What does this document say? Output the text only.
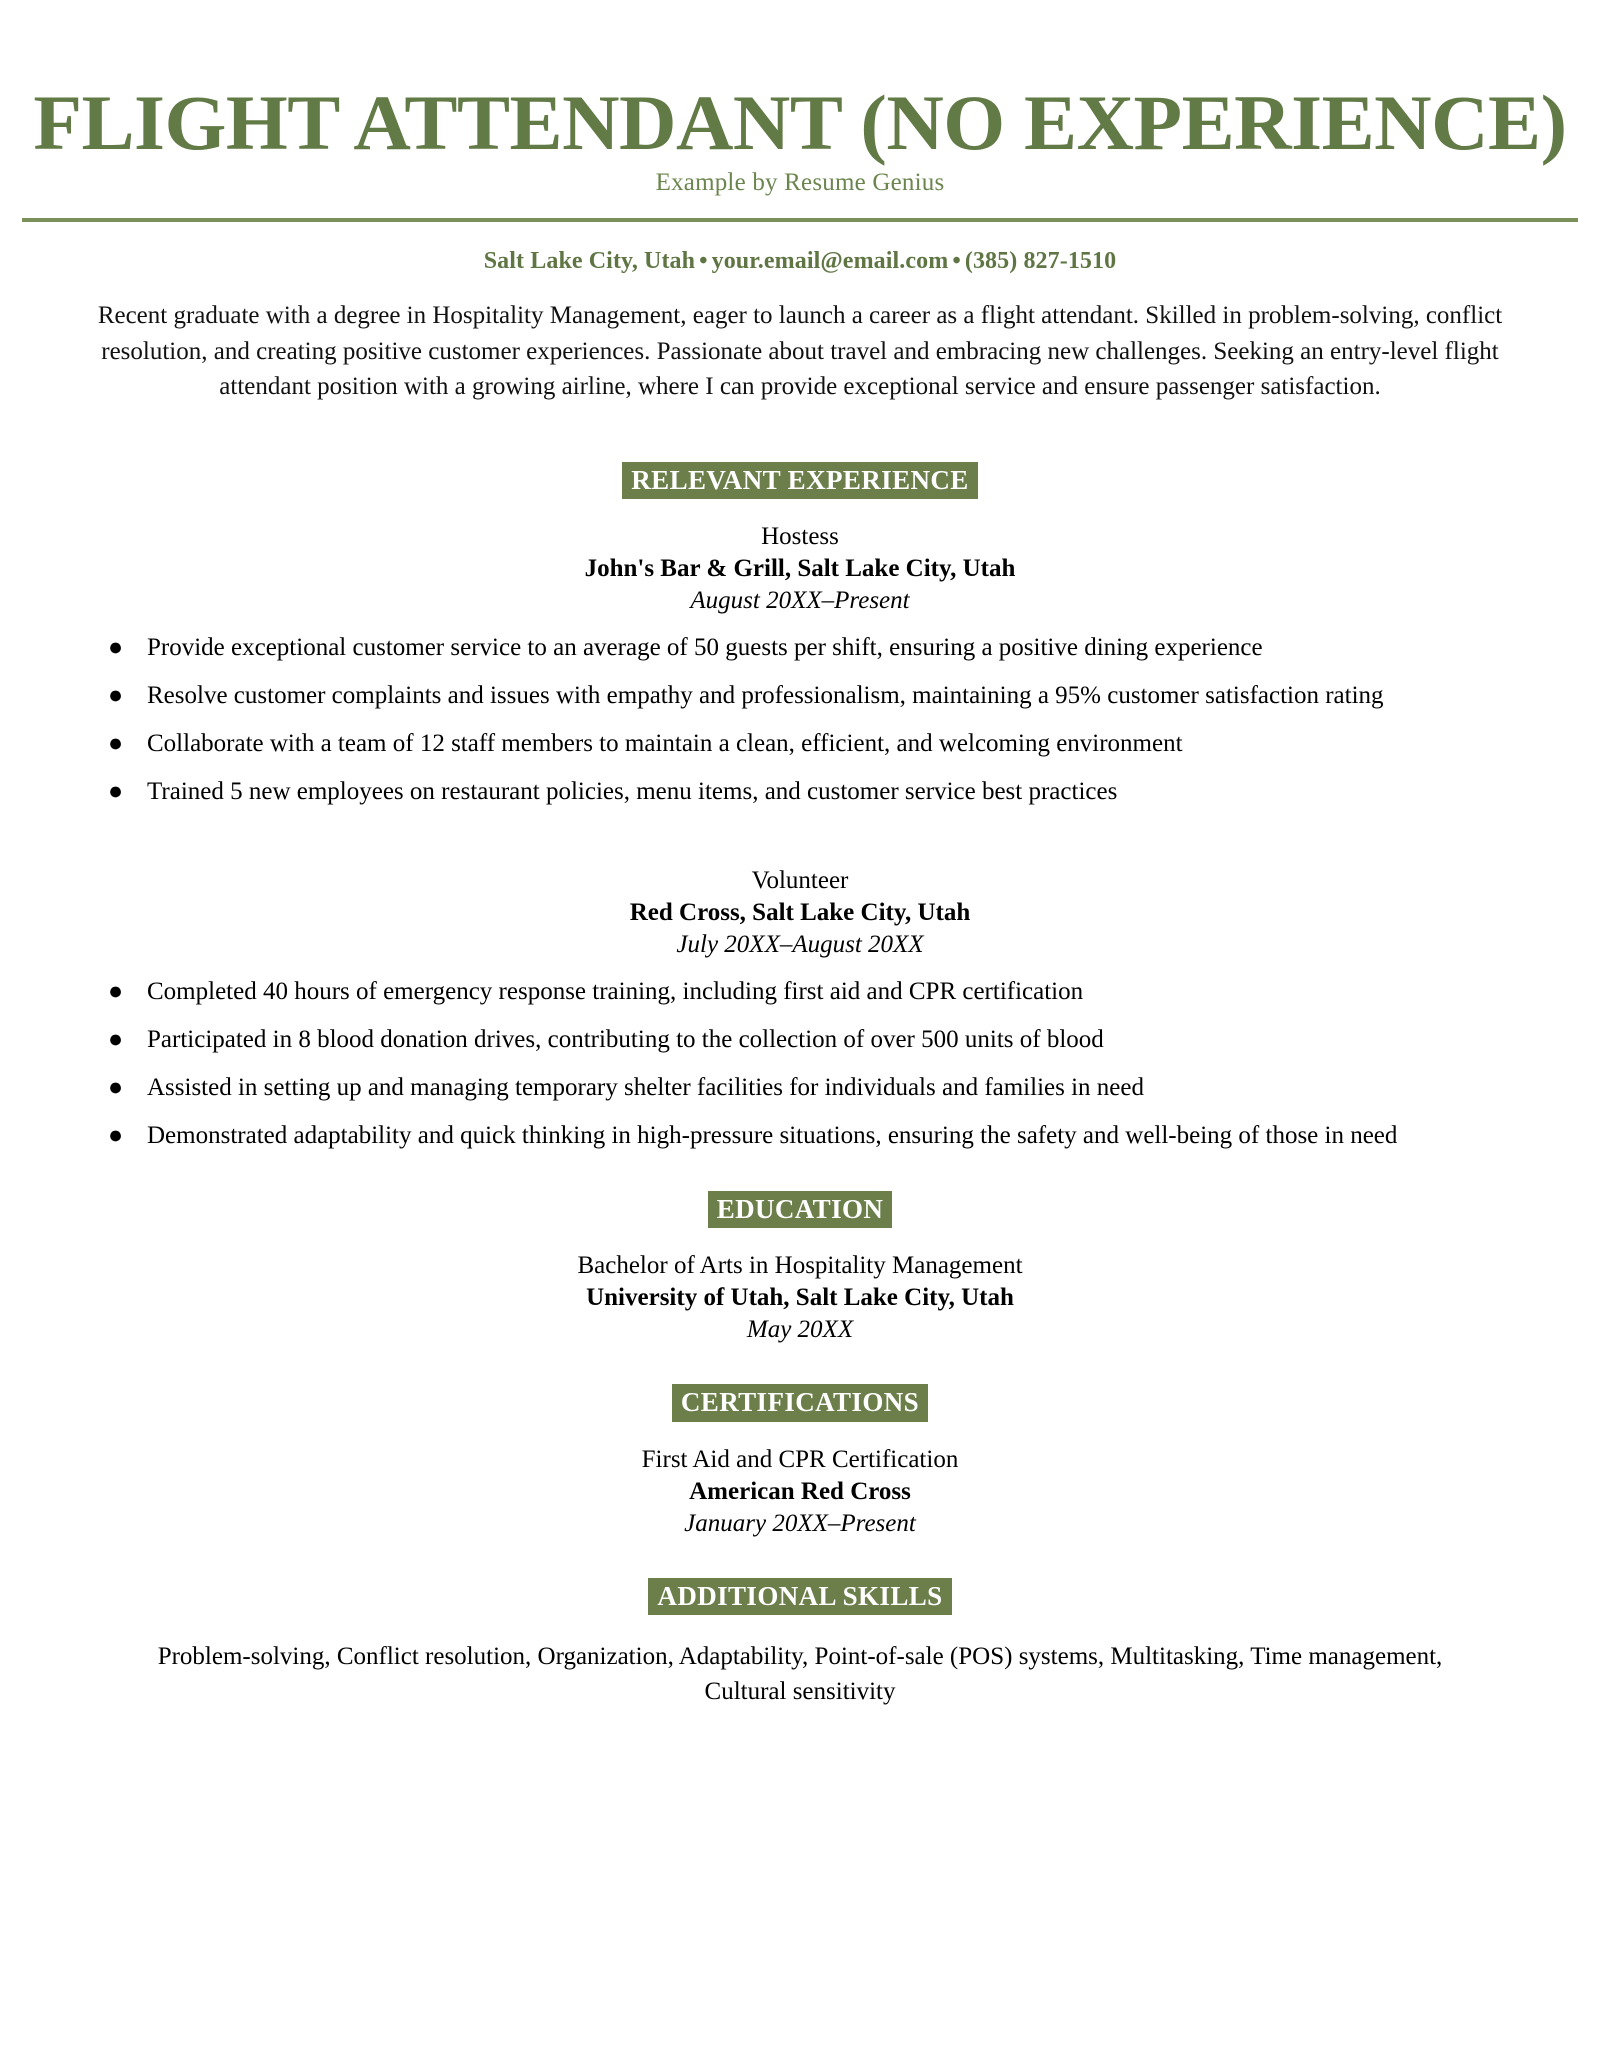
FLIGHT ATTENDANT (NO EXPERIENCE)
Example by Resume Genius
Salt Lake City, Utah • your.email@email.com • (385) 827-1510
Recent graduate with a degree in Hospitality Management, eager to launch a career as a flight attendant. Skilled in problem-solving, conflict resolution, and creating positive customer experiences. Passionate about travel and embracing new challenges. Seeking an entry-level flight attendant position with a growing airline, where I can provide exceptional service and ensure passenger satisfaction.
RELEVANT EXPERIENCE
Hostess
John's Bar & Grill, Salt Lake City, Utah
August 20XX–Present
● Provide exceptional customer service to an average of 50 guests per shift, ensuring a positive dining experience
● Resolve customer complaints and issues with empathy and professionalism, maintaining a 95% customer satisfaction rating
● Collaborate with a team of 12 staff members to maintain a clean, efficient, and welcoming environment
● Trained 5 new employees on restaurant policies, menu items, and customer service best practices
Volunteer
Red Cross, Salt Lake City, Utah
July 20XX–August 20XX
● Completed 40 hours of emergency response training, including first aid and CPR certification
● Participated in 8 blood donation drives, contributing to the collection of over 500 units of blood
● Assisted in setting up and managing temporary shelter facilities for individuals and families in need
● Demonstrated adaptability and quick thinking in high-pressure situations, ensuring the safety and well-being of those in need
EDUCATION
Bachelor of Arts in Hospitality Management
University of Utah, Salt Lake City, Utah
May 20XX
CERTIFICATIONS
First Aid and CPR Certification
American Red Cross
January 20XX–Present
ADDITIONAL SKILLS
Problem-solving, Conflict resolution, Organization, Adaptability, Point-of-sale (POS) systems, Multitasking, Time management, Cultural sensitivity
